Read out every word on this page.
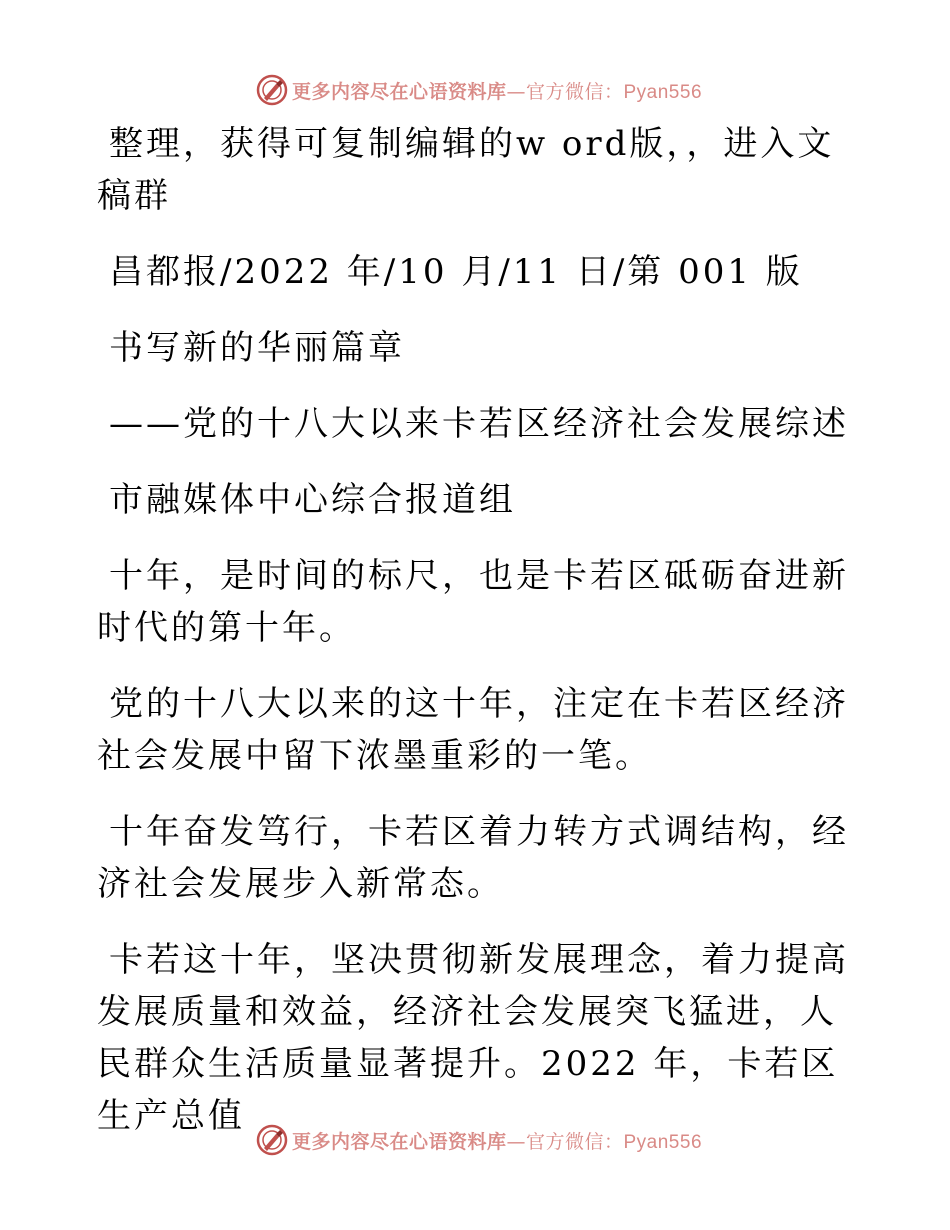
更多内容尽在心语资料库—官方微信：Pyan556

整理，获得可复制编辑的w ord版，，进入文稿群

昌都报/2022 年/10 月/11 日/第 001 版

书写新的华丽篇章

——党的十八大以来卡若区经济社会发展综述

市融媒体中心综合报道组

十年，是时间的标尺，也是卡若区砥砺奋进新时代的第十年。

党的十八大以来的这十年，注定在卡若区经济社会发展中留下浓墨重彩的一笔。

十年奋发笃行，卡若区着力转方式调结构，经济社会发展步入新常态。

卡若这十年，坚决贯彻新发展理念，着力提高发展质量和效益，经济社会发展突飞猛进，人民群众生活质量显著提升。2022 年，卡若区生产总值

更多内容尽在心语资料库—官方微信：Pyan556
